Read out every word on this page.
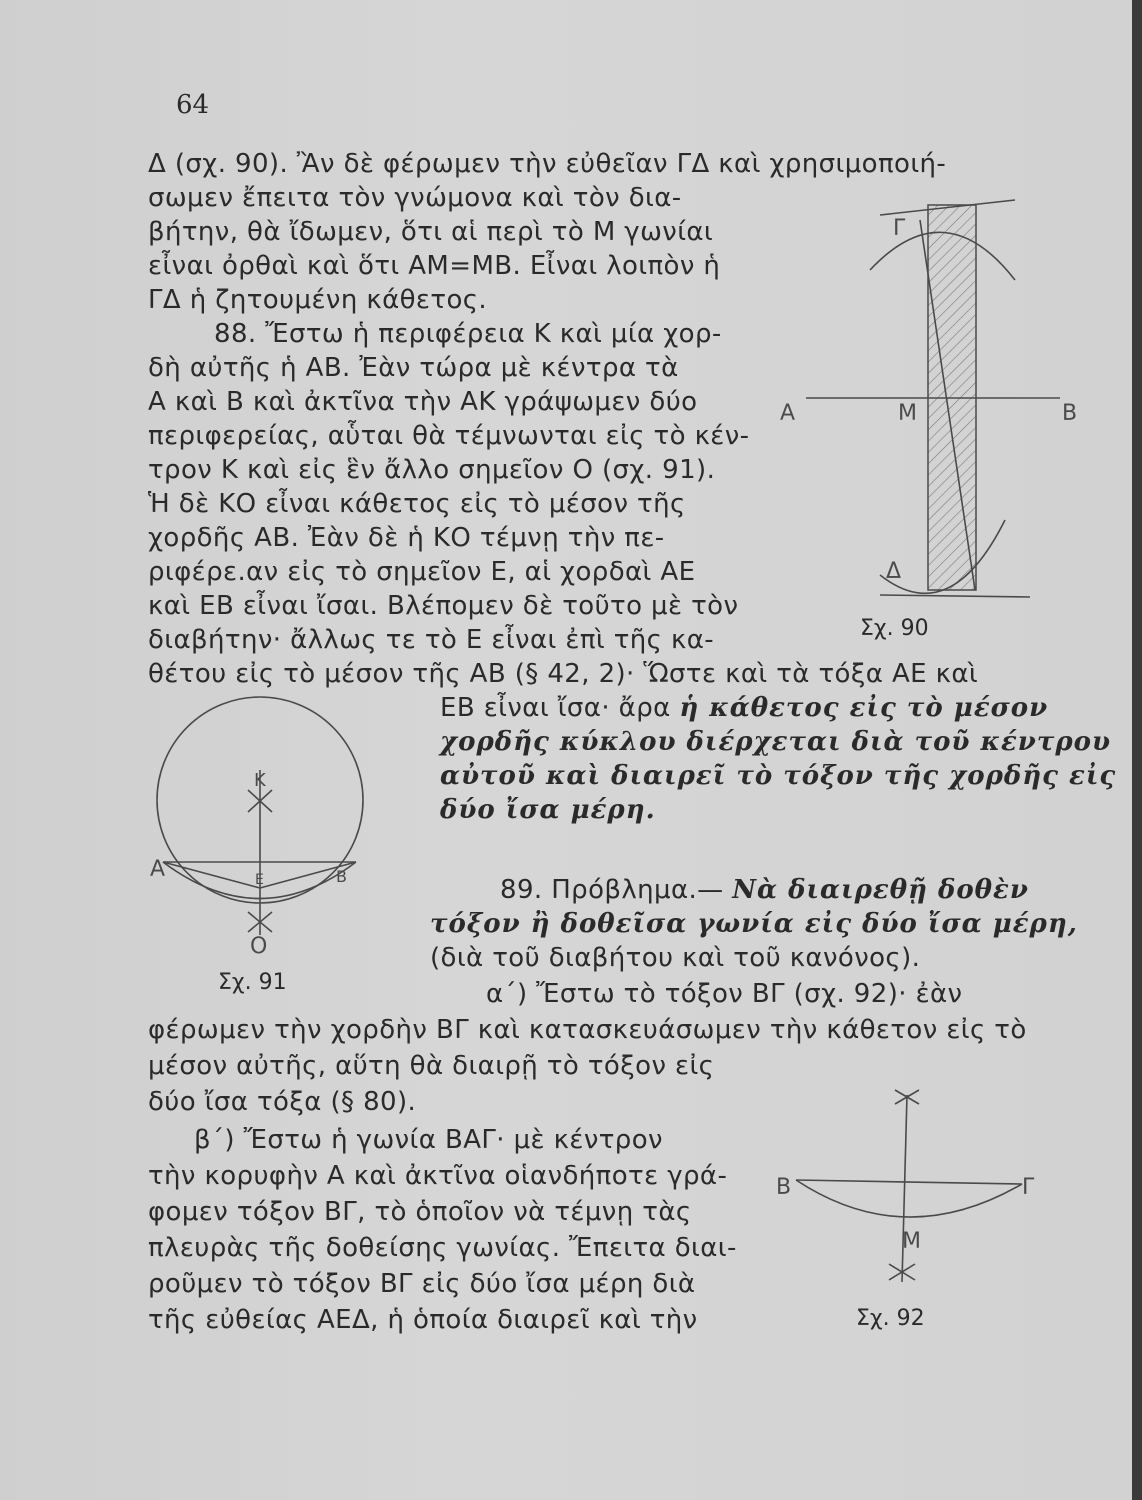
64
Δ (σχ. 90). Ἂν δὲ φέρωμεν τὴν εὐθεῖαν ΓΔ καὶ χρησιμοποιή-
σωμεν ἔπειτα τὸν γνώμονα καὶ τὸν δια-
βήτην, θὰ ἴδωμεν, ὅτι αἱ περὶ τὸ Μ γωνίαι
εἶναι ὀρθαὶ καὶ ὅτι ΑΜ=ΜΒ. Εἶναι λοιπὸν ἡ
ΓΔ ἡ ζητουμένη κάθετος.
88. Ἔστω ἡ περιφέρεια Κ καὶ μία χορ-
δὴ αὐτῆς ἡ ΑΒ. Ἐὰν τώρα μὲ κέντρα τὰ
Α καὶ Β καὶ ἀκτῖνα τὴν ΑΚ γράψωμεν δύο
περιφερείας, αὗται θὰ τέμνωνται εἰς τὸ κέν-
τρον Κ καὶ εἰς ἓν ἄλλο σημεῖον Ο (σχ. 91).
Ἡ δὲ ΚΟ εἶναι κάθετος εἰς τὸ μέσον τῆς
χορδῆς ΑΒ. Ἐὰν δὲ ἡ ΚΟ τέμνῃ τὴν πε-
ριφέρε.αν εἰς τὸ σημεῖον Ε, αἱ χορδαὶ ΑΕ
καὶ ΕΒ εἶναι ἴσαι. Βλέπομεν δὲ τοῦτο μὲ τὸν
διαβήτην· ἄλλως τε τὸ Ε εἶναι ἐπὶ τῆς κα-
θέτου εἰς τὸ μέσον τῆς ΑΒ (§ 42, 2)· Ὥστε καὶ τὰ τόξα ΑΕ καὶ
ΕΒ εἶναι ἴσα· ἄρα ἡ κάθετος εἰς τὸ μέσον
χορδῆς κύκλου διέρχεται διὰ τοῦ κέντρου
αὐτοῦ καὶ διαιρεῖ τὸ τόξον τῆς χορδῆς εἰς
δύο ἴσα μέρη.
89. Πρόβλημα.— Νὰ διαιρεθῇ δοθὲν
τόξον ἢ δοθεῖσα γωνία εἰς δύο ἴσα μέρη,
(διὰ τοῦ διαβήτου καὶ τοῦ κανόνος).
α΄) Ἔστω τὸ τόξον ΒΓ (σχ. 92)· ἐὰν
φέρωμεν τὴν χορδὴν ΒΓ καὶ κατασκευάσωμεν τὴν κάθετον εἰς τὸ
μέσον αὐτῆς, αὕτη θὰ διαιρῇ τὸ τόξον εἰς
δύο ἴσα τόξα (§ 80).
β΄) Ἔστω ἡ γωνία ΒΑΓ· μὲ κέντρον
τὴν κορυφὴν Α καὶ ἀκτῖνα οἱανδήποτε γρά-
φομεν τόξον ΒΓ, τὸ ὁποῖον νὰ τέμνῃ τὰς
πλευρὰς τῆς δοθείσης γωνίας. Ἔπειτα διαι-
ροῦμεν τὸ τόξον ΒΓ εἰς δύο ἴσα μέρη διὰ
τῆς εὐθείας ΑΕΔ, ἡ ὁποία διαιρεῖ καὶ τὴν
Σχ. 90
Σχ. 91
Σχ. 92
Γ
Α	Μ	Β
Δ
Κ
Α	Ε	Β
Ο
Β	Γ
Μ
